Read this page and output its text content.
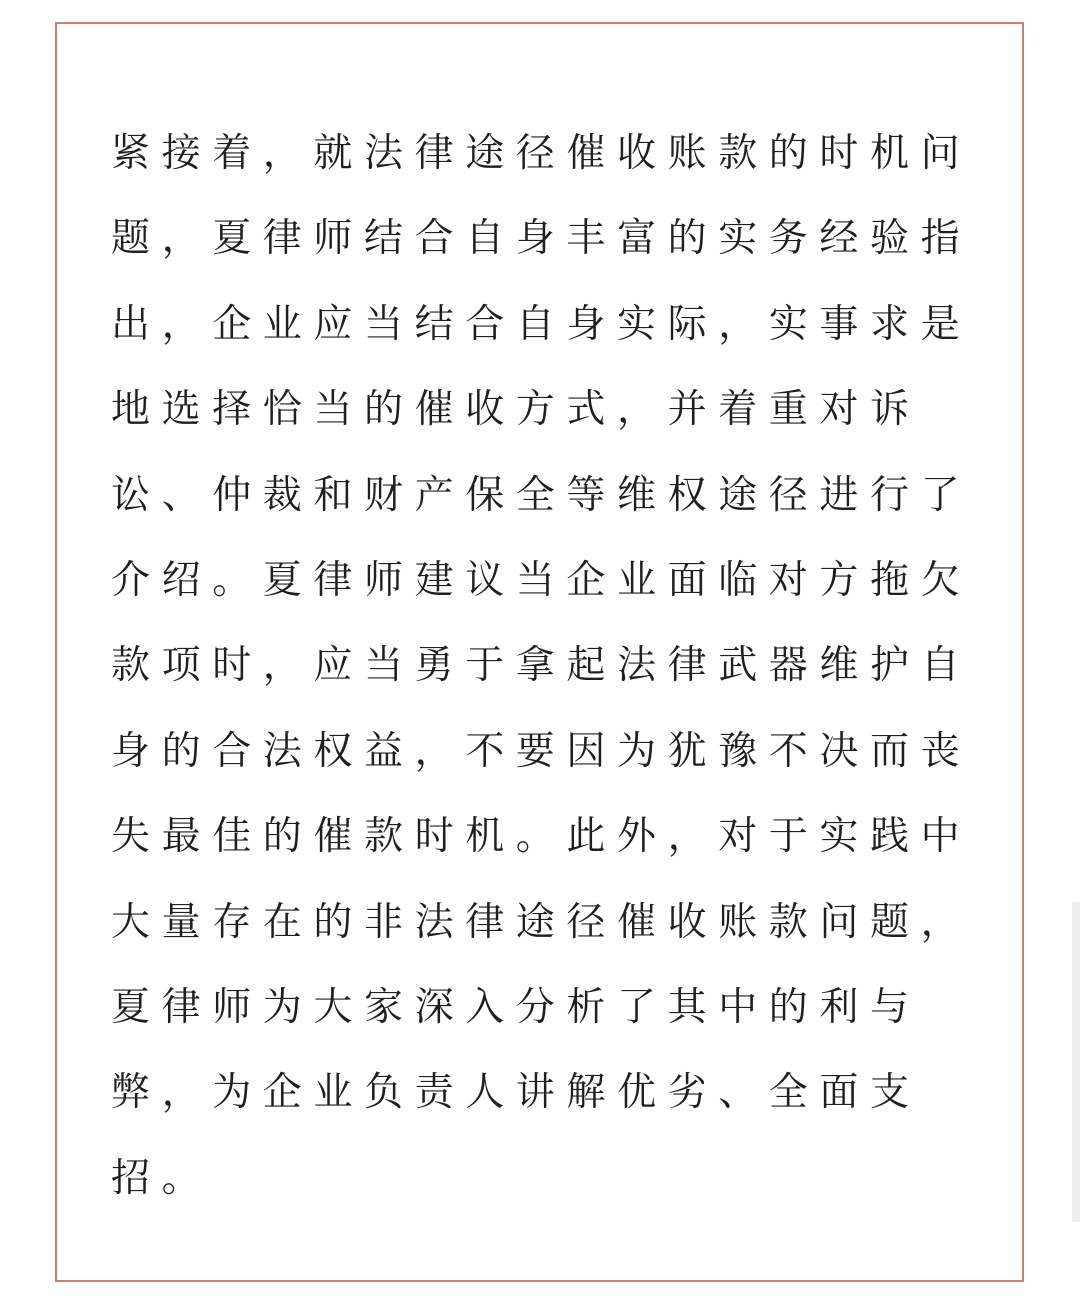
紧接着，就法律途径催收账款的时机问
题，夏律师结合自身丰富的实务经验指
出，企业应当结合自身实际，实事求是
地选择恰当的催收方式，并着重对诉
讼、仲裁和财产保全等维权途径进行了
介绍。夏律师建议当企业面临对方拖欠
款项时，应当勇于拿起法律武器维护自
身的合法权益，不要因为犹豫不决而丧
失最佳的催款时机。此外，对于实践中
大量存在的非法律途径催收账款问题，
夏律师为大家深入分析了其中的利与
弊，为企业负责人讲解优劣、全面支
招。
